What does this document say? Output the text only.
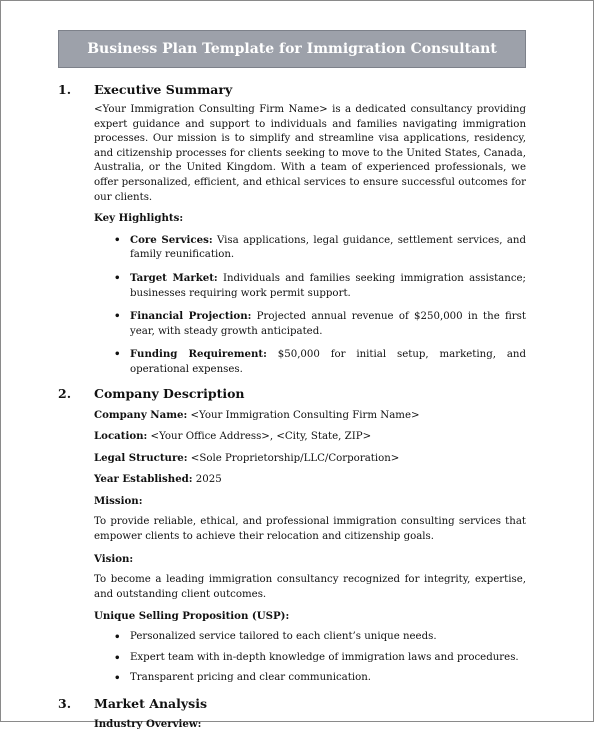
Business Plan Template for Immigration Consultant
1.	Executive Summary

<Your Immigration Consulting Firm Name> is a dedicated consultancy providing expert guidance and support to individuals and families navigating immigration processes. Our mission is to simplify and streamline visa applications, residency, and citizenship processes for clients seeking to move to the United States, Canada, Australia, or the United Kingdom. With a team of experienced professionals, we offer personalized, efficient, and ethical services to ensure successful outcomes for our clients.

Key Highlights:

• Core Services: Visa applications, legal guidance, settlement services, and family reunification.
• Target Market: Individuals and families seeking immigration assistance; businesses requiring work permit support.
• Financial Projection: Projected annual revenue of $250,000 in the first year, with steady growth anticipated.
• Funding Requirement: $50,000 for initial setup, marketing, and operational expenses.
2.	Company Description

Company Name: <Your Immigration Consulting Firm Name>

Location: <Your Office Address>, <City, State, ZIP>

Legal Structure: <Sole Proprietorship/LLC/Corporation>

Year Established: 2025

Mission:

To provide reliable, ethical, and professional immigration consulting services that empower clients to achieve their relocation and citizenship goals.

Vision:

To become a leading immigration consultancy recognized for integrity, expertise, and outstanding client outcomes.

Unique Selling Proposition (USP):

• Personalized service tailored to each client’s unique needs.
• Expert team with in-depth knowledge of immigration laws and procedures.
• Transparent pricing and clear communication.
3.	Market Analysis

Industry Overview:
